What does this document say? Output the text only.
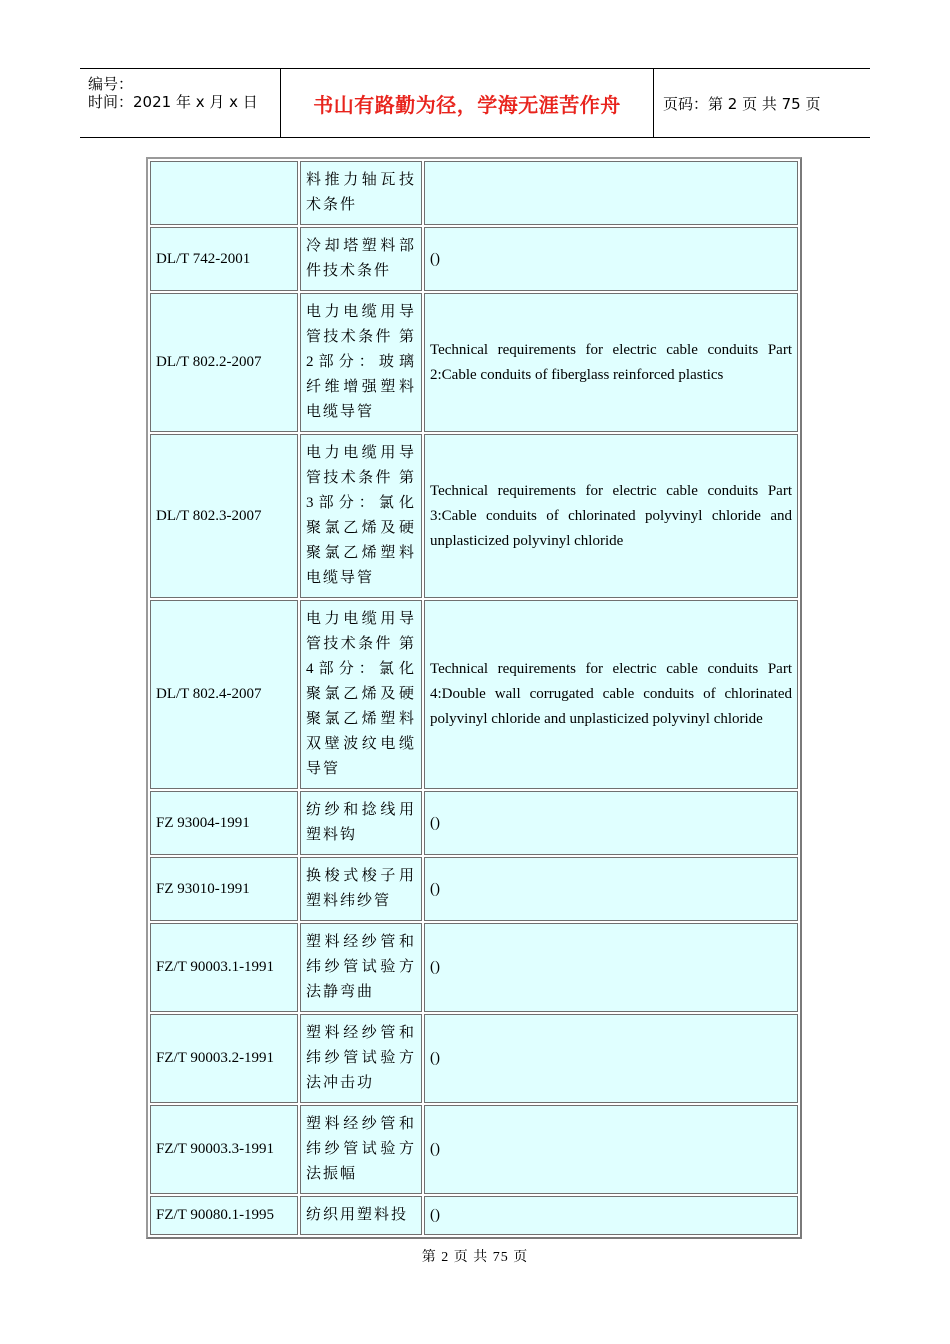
编号：
时间：2021 年 x 月 x 日	书山有路勤为径，学海无涯苦作舟	页码：第 2 页 共 75 页
	料推力轴瓦技术条件	
DL/T 742-2001	冷却塔塑料部件技术条件	()
DL/T 802.2-2007	电力电缆用导管技术条件 第2部分：玻璃纤维增强塑料电缆导管	Technical requirements for electric cable conduits Part 2:Cable conduits of fiberglass reinforced plastics
DL/T 802.3-2007	电力电缆用导管技术条件 第3部分：氯化聚氯乙烯及硬聚氯乙烯塑料电缆导管	Technical requirements for electric cable conduits Part 3:Cable conduits of chlorinated polyvinyl chloride and unplasticized polyvinyl chloride
DL/T 802.4-2007	电力电缆用导管技术条件 第4部分：氯化聚氯乙烯及硬聚氯乙烯塑料双壁波纹电缆导管	Technical requirements for electric cable conduits Part 4:Double wall corrugated cable conduits of chlorinated polyvinyl chloride and unplasticized polyvinyl chloride
FZ 93004-1991	纺纱和捻线用塑料钩	()
FZ 93010-1991	换梭式梭子用塑料纬纱管	()
FZ/T 90003.1-1991	塑料经纱管和纬纱管试验方法静弯曲	()
FZ/T 90003.2-1991	塑料经纱管和纬纱管试验方法冲击功	()
FZ/T 90003.3-1991	塑料经纱管和纬纱管试验方法振幅	()
FZ/T 90080.1-1995	纺织用塑料投	()
第 2 页 共 75 页
